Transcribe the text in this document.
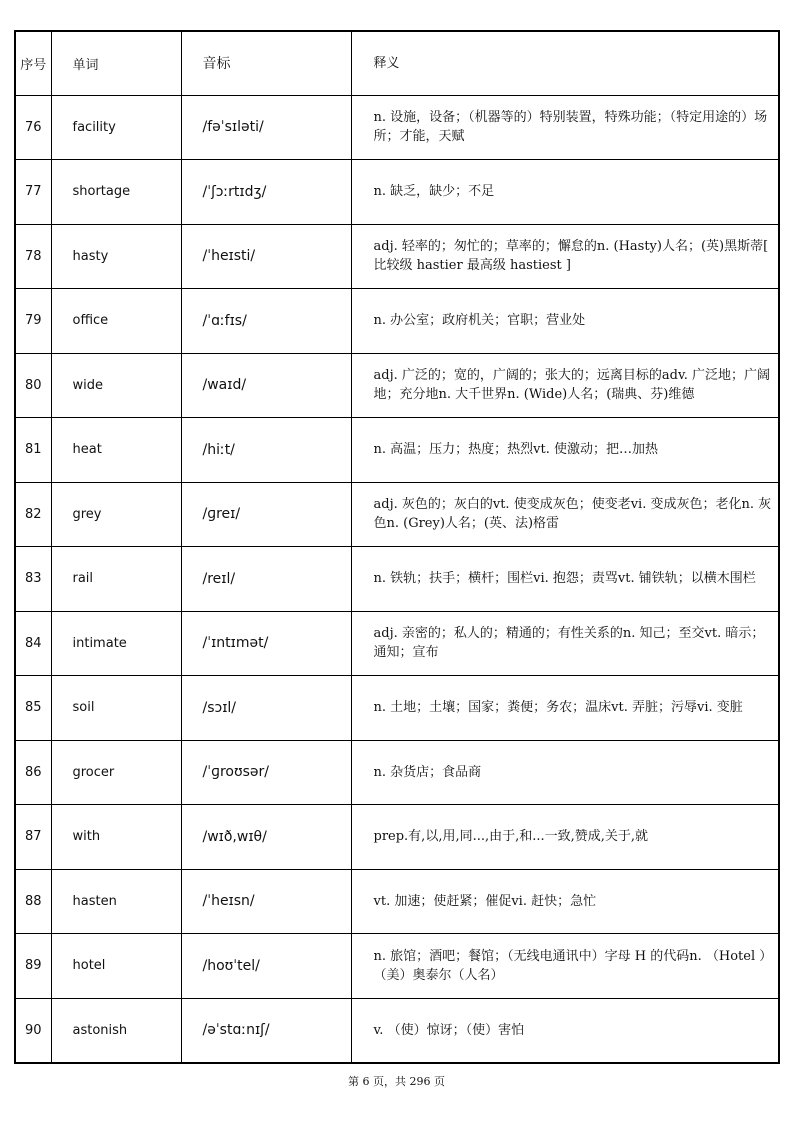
序号	单词	音标	释义
76	facility	/fəˈsɪləti/	n. 设施，设备；（机器等的）特别装置，特殊功能；（特定用途的）场所；才能，天赋
77	shortage	/ˈʃɔːrtɪdʒ/	n. 缺乏，缺少；不足
78	hasty	/ˈheɪsti/	adj. 轻率的；匆忙的；草率的；懈怠的n. (Hasty)人名；(英)黑斯蒂[ 比较级 hastier 最高级 hastiest ]
79	office	/ˈɑːfɪs/	n. 办公室；政府机关；官职；营业处
80	wide	/waɪd/	adj. 广泛的；宽的，广阔的；张大的；远离目标的adv. 广泛地；广阔地；充分地n. 大千世界n. (Wide)人名；(瑞典、芬)维德
81	heat	/hiːt/	n. 高温；压力；热度；热烈vt. 使激动；把…加热
82	grey	/ɡreɪ/	adj. 灰色的；灰白的vt. 使变成灰色；使变老vi. 变成灰色；老化n. 灰色n. (Grey)人名；(英、法)格雷
83	rail	/reɪl/	n. 铁轨；扶手；横杆；围栏vi. 抱怨；责骂vt. 铺铁轨；以横木围栏
84	intimate	/ˈɪntɪmət/	adj. 亲密的；私人的；精通的；有性关系的n. 知己；至交vt. 暗示；通知；宣布
85	soil	/sɔɪl/	n. 土地；土壤；国家；粪便；务农；温床vt. 弄脏；污辱vi. 变脏
86	grocer	/ˈɡroʊsər/	n. 杂货店；食品商
87	with	/wɪð,wɪθ/	prep.有,以,用,同...,由于,和...一致,赞成,关于,就
88	hasten	/ˈheɪsn/	vt. 加速；使赶紧；催促vi. 赶快；急忙
89	hotel	/hoʊˈtel/	n. 旅馆；酒吧；餐馆；（无线电通讯中）字母 H 的代码n. （Hotel ）（美）奥泰尔（人名）
90	astonish	/əˈstɑːnɪʃ/	v. （使）惊讶；（使）害怕
第 6 页，共 296 页
